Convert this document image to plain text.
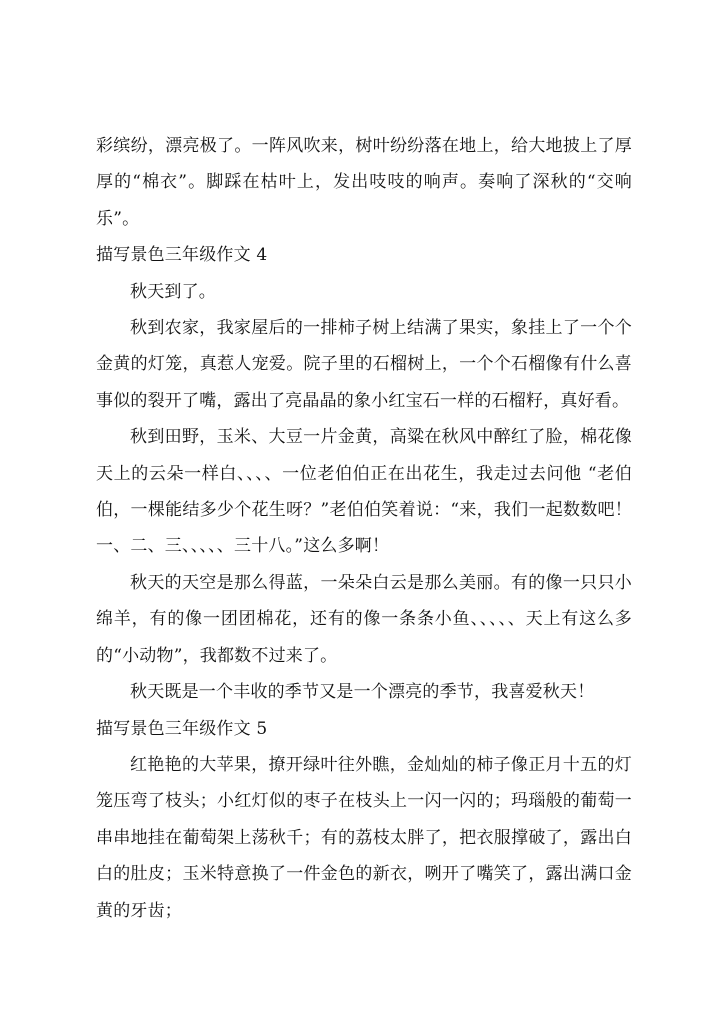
彩缤纷，漂亮极了。一阵风吹来，树叶纷纷落在地上，给大地披上了厚厚的“棉衣”。脚踩在枯叶上，发出吱吱的响声。奏响了深秋的“交响乐”。

描写景色三年级作文 4

秋天到了。

秋到农家，我家屋后的一排柿子树上结满了果实，象挂上了一个个金黄的灯笼，真惹人宠爱。院子里的石榴树上，一个个石榴像有什么喜事似的裂开了嘴，露出了亮晶晶的象小红宝石一样的石榴籽，真好看。

秋到田野，玉米、大豆一片金黄，高粱在秋风中醉红了脸，棉花像天上的云朵一样白、、、、一位老伯伯正在出花生，我走过去问他 “老伯伯，一棵能结多少个花生呀？”老伯伯笑着说：“来，我们一起数数吧！一、二、三、、、、、三十八。”这么多啊！

秋天的天空是那么得蓝，一朵朵白云是那么美丽。有的像一只只小绵羊，有的像一团团棉花，还有的像一条条小鱼、、、、、天上有这么多的“小动物”，我都数不过来了。

秋天既是一个丰收的季节又是一个漂亮的季节，我喜爱秋天！

描写景色三年级作文 5

红艳艳的大苹果，撩开绿叶往外瞧，金灿灿的柿子像正月十五的灯笼压弯了枝头；小红灯似的枣子在枝头上一闪一闪的；玛瑙般的葡萄一串串地挂在葡萄架上荡秋千；有的荔枝太胖了，把衣服撑破了，露出白白的肚皮；玉米特意换了一件金色的新衣，咧开了嘴笑了，露出满口金黄的牙齿；
